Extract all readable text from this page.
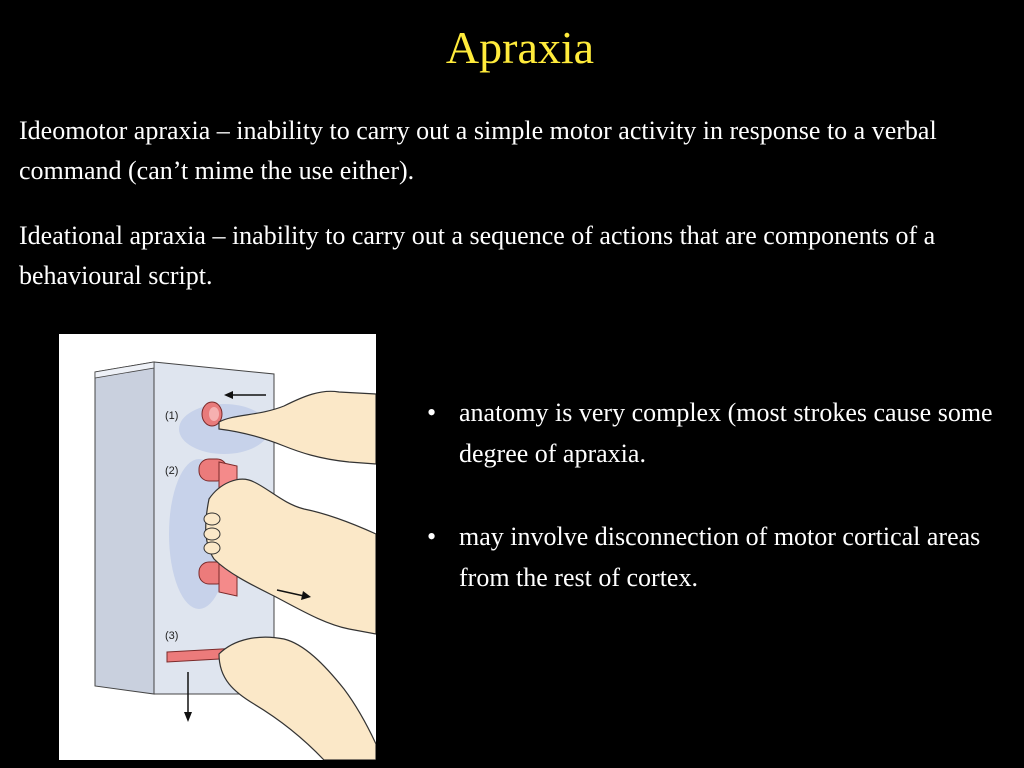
Apraxia

Ideomotor apraxia – inability to carry out a simple motor activity in response to a verbal command (can’t mime the use either).

Ideational apraxia – inability to carry out a sequence of actions that are components of a behavioural script.

(1)
(2)
(3)
• anatomy is very complex (most strokes cause some degree of apraxia.
• may involve disconnection of motor cortical areas from the rest of cortex.
